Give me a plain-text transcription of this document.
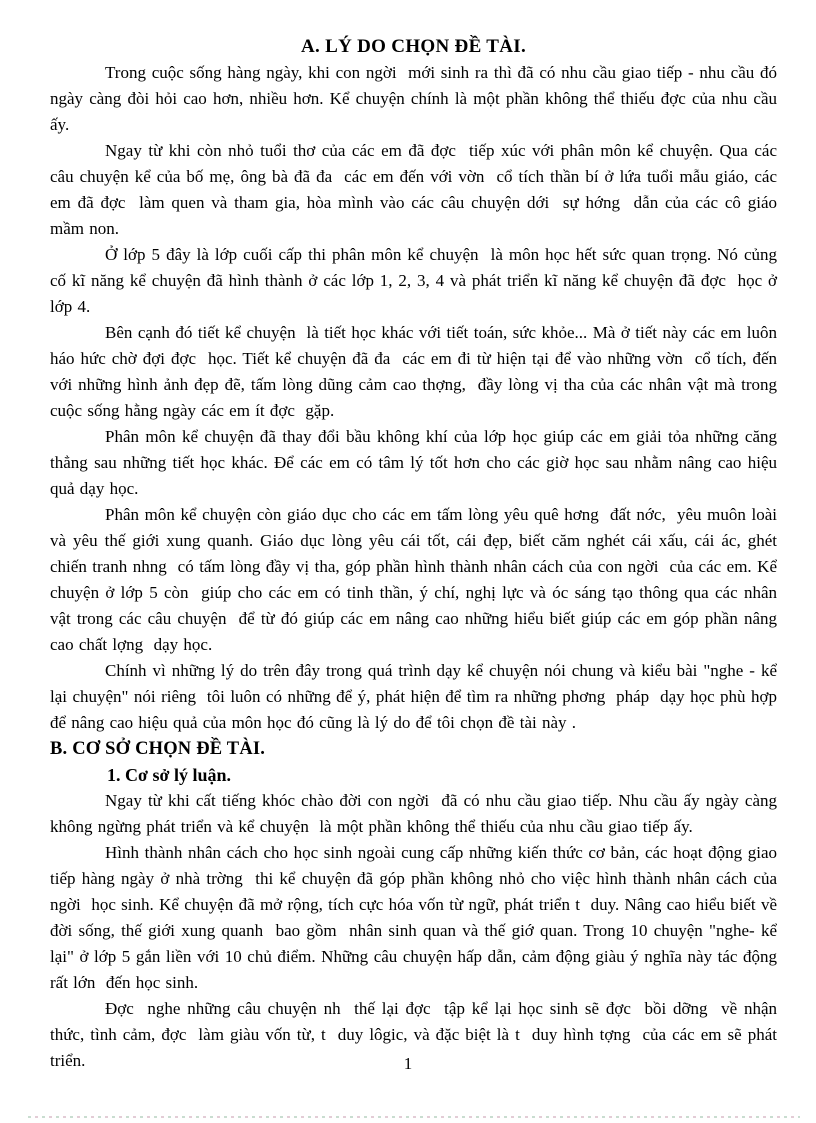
A. LÝ DO CHỌN ĐỀ TÀI.

Trong cuộc sống hàng ngày, khi con ngời  mới sinh ra thì đã có nhu cầu giao tiếp - nhu cầu đó ngày càng đòi hỏi cao hơn, nhiều hơn. Kể chuyện chính là một phần không thể thiếu đợc của nhu cầu ấy.

Ngay từ khi còn nhỏ tuổi thơ của các em đã đợc  tiếp xúc với phân môn kể chuyện. Qua các câu chuyện kể của bố mẹ, ông bà đã đa  các em đến với vờn  cổ tích thần bí ở lứa tuổi mẫu giáo, các em đã đợc  làm quen và tham gia, hòa mình vào các câu chuyện dới  sự hớng  dẫn của các cô giáo mầm non.

Ở lớp 5 đây là lớp cuối cấp thi phân môn kể chuyện  là môn học hết sức quan trọng. Nó củng cố kĩ năng kể chuyện đã hình thành ở các lớp 1, 2, 3, 4 và phát triển kĩ năng kể chuyện đã đợc  học ở lớp 4.

Bên cạnh đó tiết kể chuyện  là tiết học khác với tiết toán, sức khỏe... Mà ở tiết này các em luôn háo hức chờ đợi đợc  học. Tiết kể chuyện đã đa  các em đi từ hiện tại để vào những vờn  cổ tích, đến với những hình ảnh đẹp đẽ, tấm lòng dũng cảm cao thợng,  đầy lòng vị tha của các nhân vật mà trong cuộc sống hằng ngày các em ít đợc  gặp.

Phân môn kể chuyện đã thay đổi bầu không khí của lớp học giúp các em giải tỏa những căng thẳng sau những tiết học khác. Để các em có tâm lý tốt hơn cho các giờ học sau nhằm nâng cao hiệu quả dạy học.

Phân môn kể chuyện còn giáo dục cho các em tấm lòng yêu quê hơng  đất nớc,  yêu muôn loài và yêu thế giới xung quanh. Giáo dục lòng yêu cái tốt, cái đẹp, biết căm nghét cái xấu, cái ác, ghét chiến tranh nhng  có tấm lòng đầy vị tha, góp phần hình thành nhân cách của con ngời  của các em. Kể chuyện ở lớp 5 còn  giúp cho các em có tinh thần, ý chí, nghị lực và óc sáng tạo thông qua các nhân vật trong các câu chuyện  để từ đó giúp các em nâng cao những hiểu biết giúp các em góp phần nâng cao chất lợng  dạy học.

Chính vì những lý do trên đây trong quá trình dạy kể chuyện nói chung và kiểu bài "nghe - kể lại chuyện" nói riêng  tôi luôn có những để ý, phát hiện để tìm ra những phơng  pháp  dạy học phù hợp để nâng cao hiệu quả của môn học đó cũng là lý do để tôi chọn đề tài này .

B. CƠ SỞ CHỌN ĐỀ TÀI.
1. Cơ sở lý luận.

Ngay từ khi cất tiếng khóc chào đời con ngời  đã có nhu cầu giao tiếp. Nhu cầu ấy ngày càng không ngừng phát triển và kể chuyện  là một phần không thể thiếu của nhu cầu giao tiếp ấy.

Hình thành nhân cách cho học sinh ngoài cung cấp những kiến thức cơ bản, các hoạt động giao tiếp hàng ngày ở nhà trờng  thi kể chuyện đã góp phần không nhỏ cho việc hình thành nhân cách của ngời  học sinh. Kể chuyện đã mở rộng, tích cực hóa vốn từ ngữ, phát triển t  duy. Nâng cao hiểu biết về đời sống, thế giới xung quanh  bao gồm  nhân sinh quan và thế giớ quan. Trong 10 chuyện "nghe- kể lại" ở lớp 5 gắn liền với 10 chủ điểm. Những câu chuyện hấp dẫn, cảm động giàu ý nghĩa này tác động rất lớn  đến học sinh.

Đợc  nghe những câu chuyện nh  thế lại đợc  tập kể lại học sinh sẽ đợc  bồi dỡng  về nhận thức, tình cảm, đợc  làm giàu vốn từ, t  duy lôgic, và đặc biệt là t  duy hình tợng  của các em sẽ phát triển.	1
